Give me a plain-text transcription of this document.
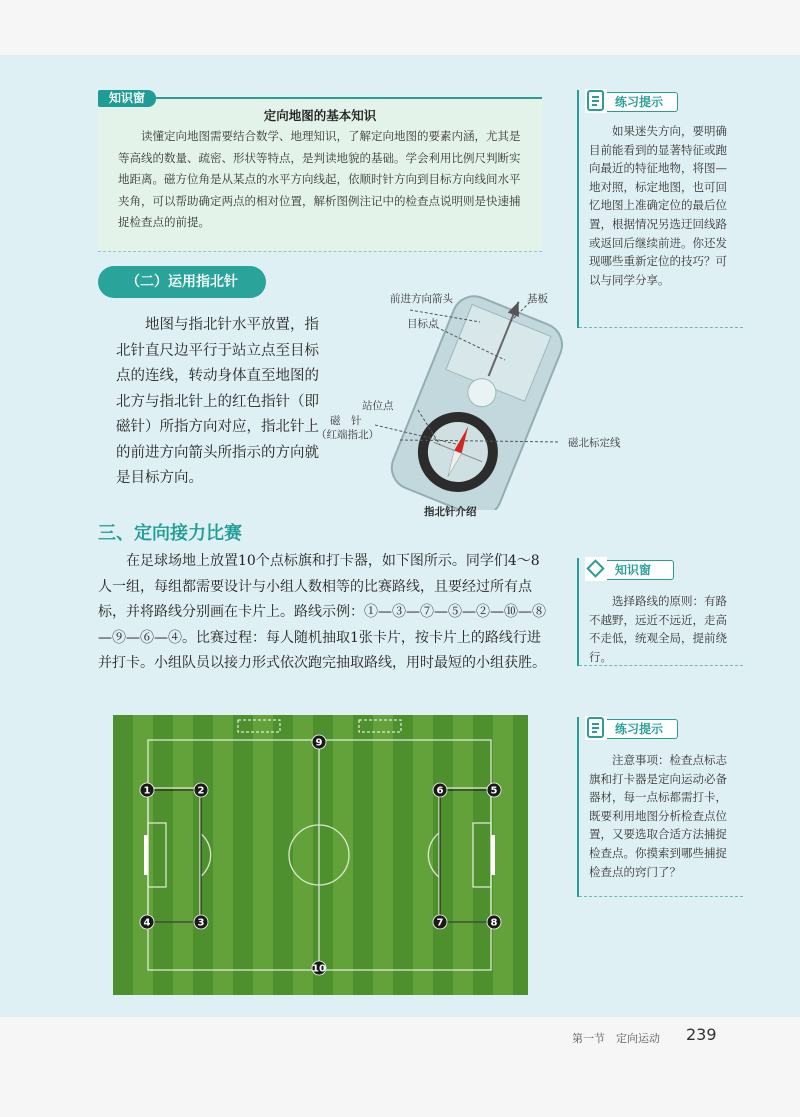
知识窗
定向地图的基本知识
读懂定向地图需要结合数学、地理知识，了解定向地图的要素内涵，尤其是等高线的数量、疏密、形状等特点，是判读地貌的基础。学会利用比例尺判断实地距离。磁方位角是从某点的水平方向线起，依顺时针方向到目标方向线间水平夹角，可以帮助确定两点的相对位置，解析图例注记中的检查点说明则是快速捕捉检查点的前提。
练习提示
如果迷失方向，要明确目前能看到的显著特征或跑向最近的特征地物，将图—地对照，标定地图，也可回忆地图上准确定位的最后位置，根据情况另选迂回线路或返回后继续前进。你还发现哪些重新定位的技巧？可以与同学分享。
知识窗
选择路线的原则：有路不越野，远近不远近，走高不走低，统观全局，提前绕行。
练习提示
注意事项：检查点标志旗和打卡器是定向运动必备器材，每一点标都需打卡，既要利用地图分析检查点位置，又要选取合适方法捕捉检查点。你摸索到哪些捕捉检查点的窍门了？
（二）运用指北针
地图与指北针水平放置，指北针直尺边平行于站立点至目标点的连线，转动身体直至地图的北方与指北针上的红色指针（即磁针）所指方向对应，指北针上的前进方向箭头所指示的方向就是目标方向。
前进方向箭头	基板
目标点
站位点
磁　针
（红端指北）
磁北标定线
指北针介绍
三、定向接力比赛
在足球场地上放置10个点标旗和打卡器，如下图所示。同学们4～8人一组，每组都需要设计与小组人数相等的比赛路线，且要经过所有点标，并将路线分别画在卡片上。路线示例：①—③—⑦—⑤—②—⑩—⑧—⑨—⑥—④。比赛过程：每人随机抽取1张卡片，按卡片上的路线行进并打卡。小组队员以接力形式依次跑完抽取路线，用时最短的小组获胜。
1	2
3
4
5
6
7	8
9
10
第一节　定向运动 239
